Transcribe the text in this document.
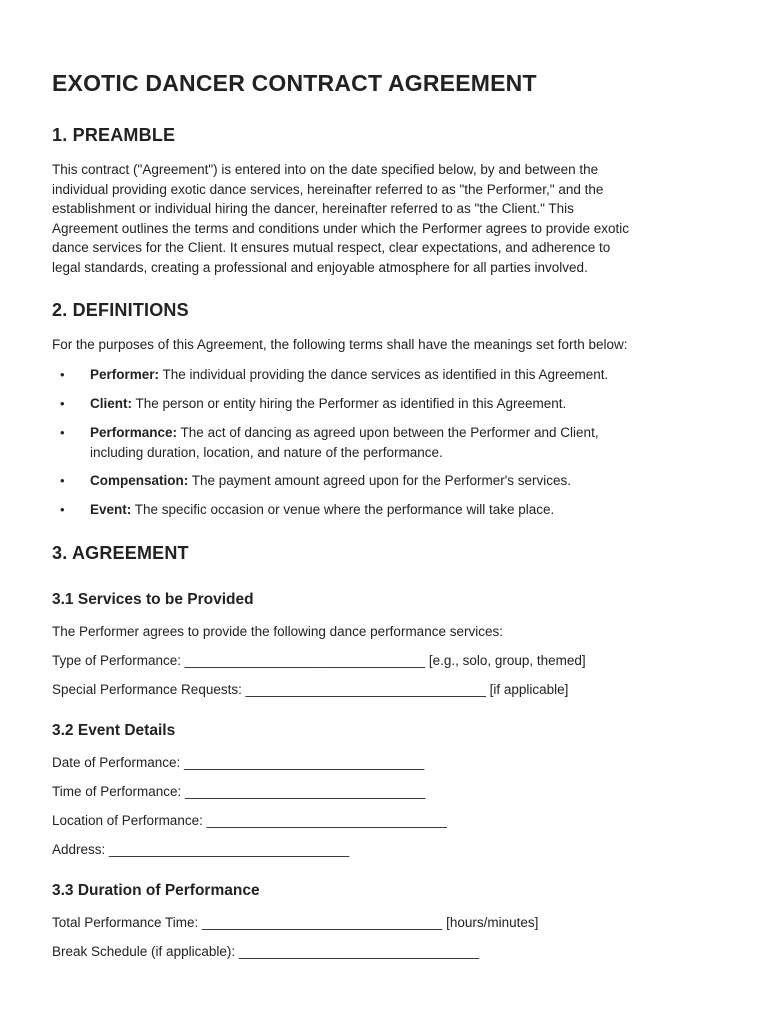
EXOTIC DANCER CONTRACT AGREEMENT
1. PREAMBLE

This contract ("Agreement") is entered into on the date specified below, by and between the

individual providing exotic dance services, hereinafter referred to as "the Performer," and the

establishment or individual hiring the dancer, hereinafter referred to as "the Client." This

Agreement outlines the terms and conditions under which the Performer agrees to provide exotic

dance services for the Client. It ensures mutual respect, clear expectations, and adherence to

legal standards, creating a professional and enjoyable atmosphere for all parties involved.

2. DEFINITIONS

For the purposes of this Agreement, the following terms shall have the meanings set forth below:

• Performer: The individual providing the dance services as identified in this Agreement.
• Client: The person or entity hiring the Performer as identified in this Agreement.
• Performance: The act of dancing as agreed upon between the Performer and Client,
including duration, location, and nature of the performance.
• Compensation: The payment amount agreed upon for the Performer's services.
• Event: The specific occasion or venue where the performance will take place.
3. AGREEMENT
3.1 Services to be Provided

The Performer agrees to provide the following dance performance services:

Type of Performance: ________________________________ [e.g., solo, group, themed]

Special Performance Requests: ________________________________ [if applicable]

3.2 Event Details

Date of Performance: ________________________________

Time of Performance: ________________________________

Location of Performance: ________________________________

Address: ________________________________

3.3 Duration of Performance

Total Performance Time: ________________________________ [hours/minutes]

Break Schedule (if applicable): ________________________________
